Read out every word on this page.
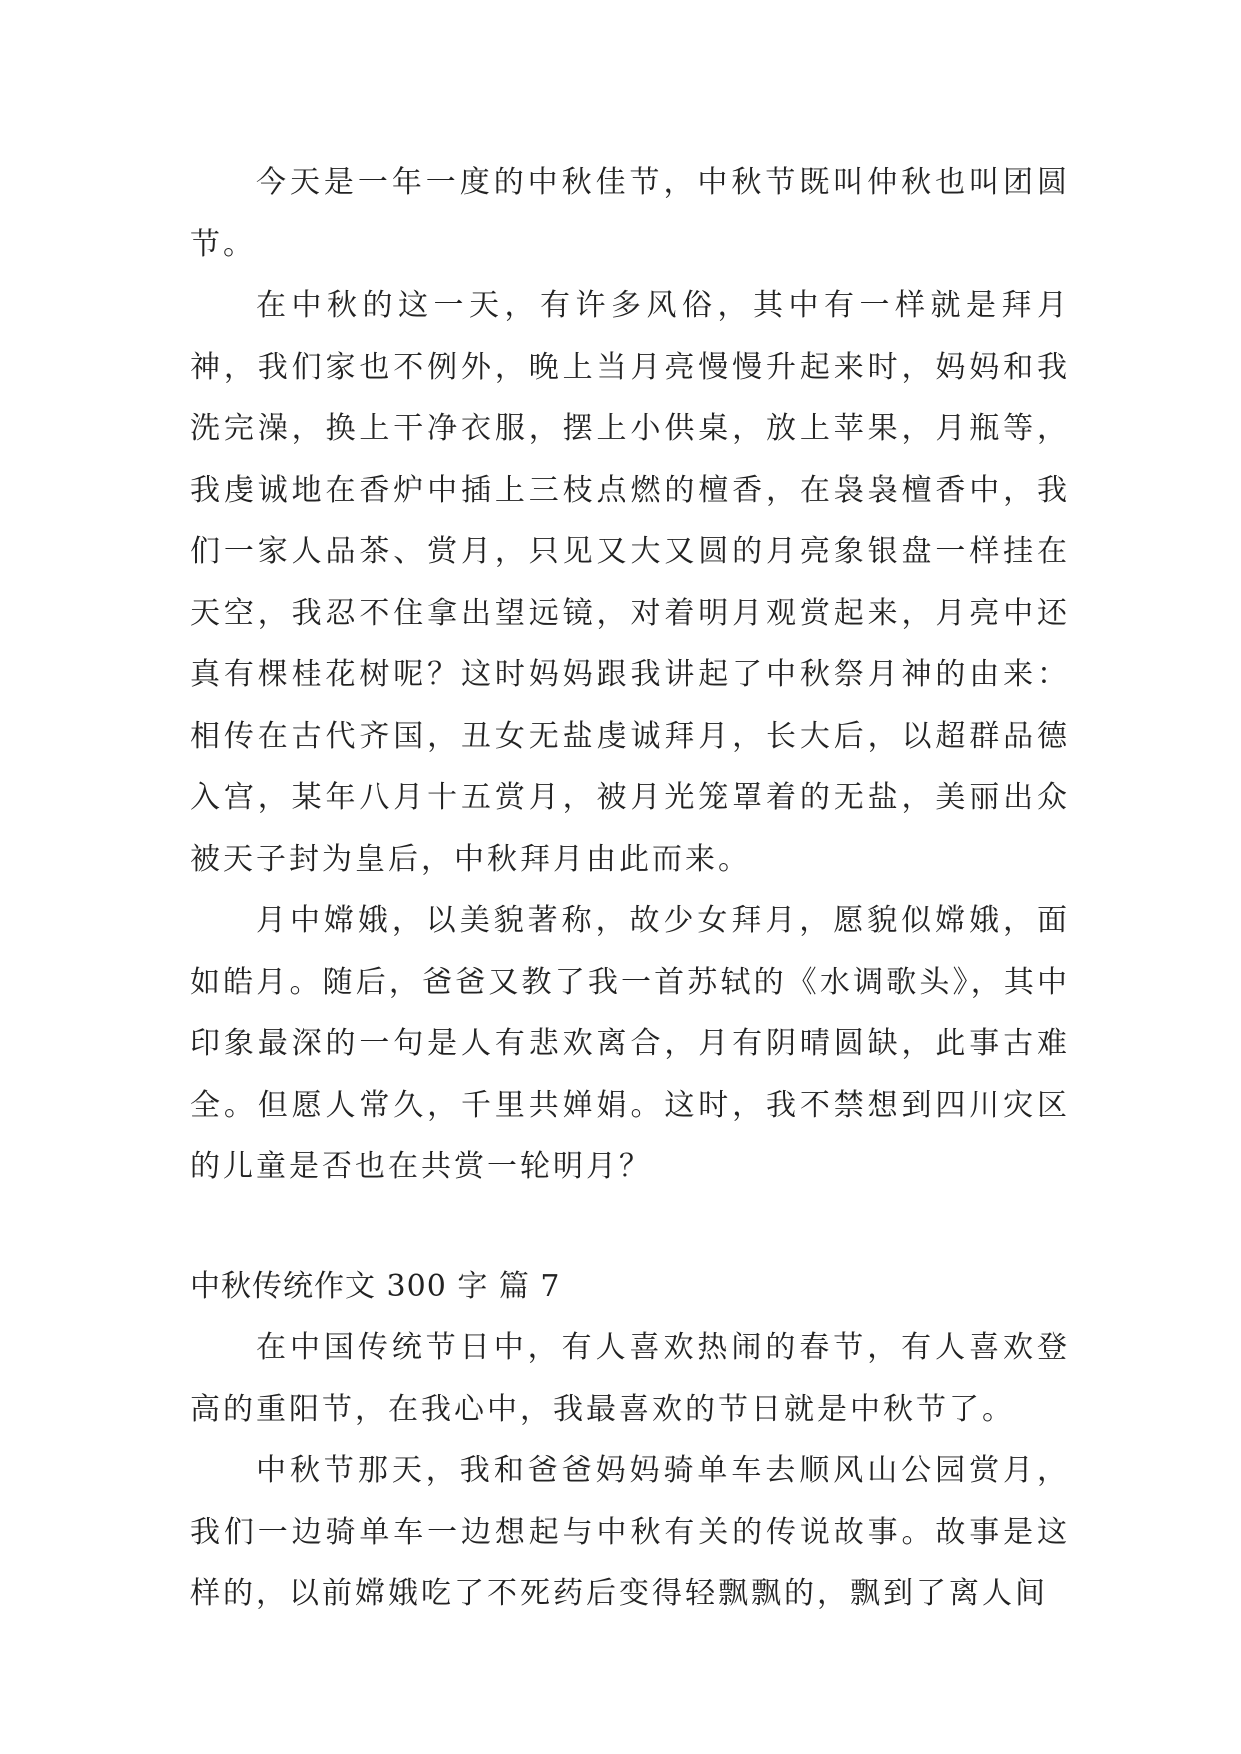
今天是一年一度的中秋佳节，中秋节既叫仲秋也叫团圆节。

在中秋的这一天，有许多风俗，其中有一样就是拜月神，我们家也不例外，晚上当月亮慢慢升起来时，妈妈和我洗完澡，换上干净衣服，摆上小供桌，放上苹果，月瓶等，我虔诚地在香炉中插上三枝点燃的檀香，在袅袅檀香中，我们一家人品茶、赏月，只见又大又圆的月亮象银盘一样挂在天空，我忍不住拿出望远镜，对着明月观赏起来，月亮中还真有棵桂花树呢？这时妈妈跟我讲起了中秋祭月神的由来：相传在古代齐国，丑女无盐虔诚拜月，长大后，以超群品德入宫，某年八月十五赏月，被月光笼罩着的无盐，美丽出众被天子封为皇后，中秋拜月由此而来。

月中嫦娥，以美貌著称，故少女拜月，愿貌似嫦娥，面如皓月。随后，爸爸又教了我一首苏轼的《水调歌头》，其中印象最深的一句是人有悲欢离合，月有阴晴圆缺，此事古难全。但愿人常久，千里共婵娟。这时，我不禁想到四川灾区的儿童是否也在共赏一轮明月？

中秋传统作文 300 字 篇 7

在中国传统节日中，有人喜欢热闹的春节，有人喜欢登高的重阳节，在我心中，我最喜欢的节日就是中秋节了。

中秋节那天，我和爸爸妈妈骑单车去顺风山公园赏月，我们一边骑单车一边想起与中秋有关的传说故事。故事是这样的，以前嫦娥吃了不死药后变得轻飘飘的，飘到了离人间
